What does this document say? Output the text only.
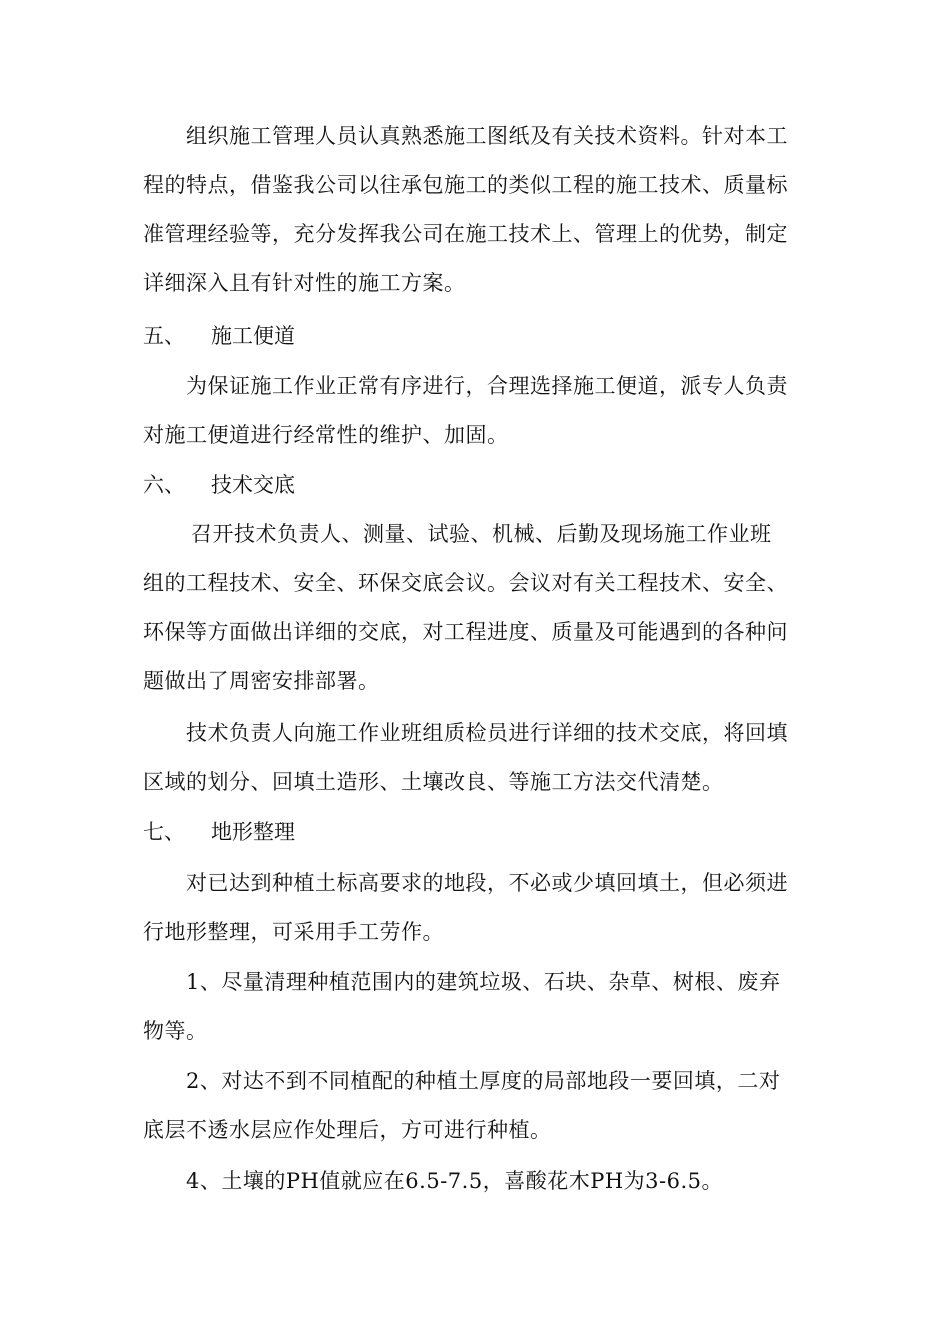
组织施工管理人员认真熟悉施工图纸及有关技术资料。针对本工
程的特点，借鉴我公司以往承包施工的类似工程的施工技术、质量标
准管理经验等，充分发挥我公司在施工技术上、管理上的优势，制定
详细深入且有针对性的施工方案。
五、 施工便道
为保证施工作业正常有序进行，合理选择施工便道，派专人负责
对施工便道进行经常性的维护、加固。
六、 技术交底
召开技术负责人、测量、试验、机械、后勤及现场施工作业班
组的工程技术、安全、环保交底会议。会议对有关工程技术、安全、
环保等方面做出详细的交底，对工程进度、质量及可能遇到的各种问
题做出了周密安排部署。
技术负责人向施工作业班组质检员进行详细的技术交底，将回填
区域的划分、回填土造形、土壤改良、等施工方法交代清楚。
七、 地形整理
对已达到种植土标高要求的地段，不必或少填回填土，但必须进
行地形整理，可采用手工劳作。
1、尽量清理种植范围内的建筑垃圾、石块、杂草、树根、废弃
物等。
2、对达不到不同植配的种植土厚度的局部地段一要回填，二对
底层不透水层应作处理后，方可进行种植。
4、土壤的PH值就应在6.5-7.5，喜酸花木PH为3-6.5。
